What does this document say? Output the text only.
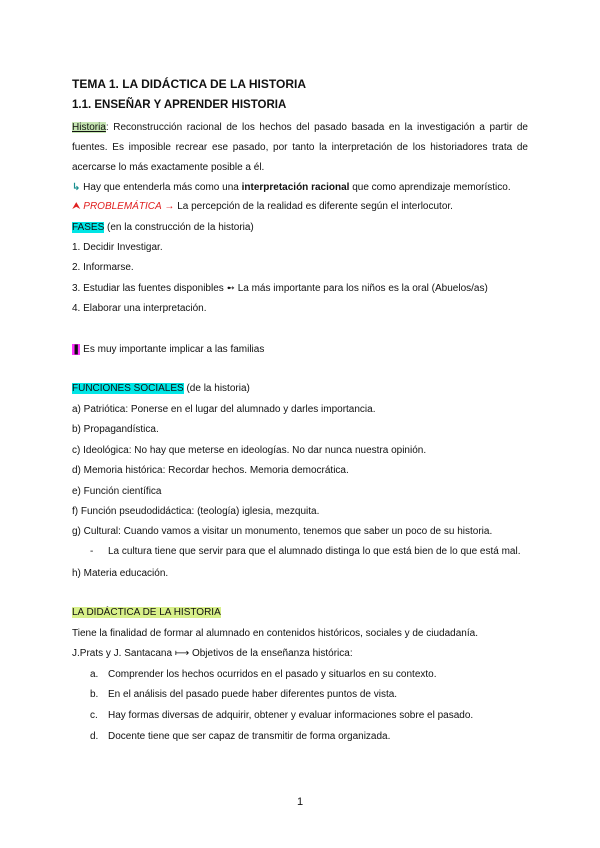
TEMA 1. LA DIDÁCTICA DE LA HISTORIA
1.1. ENSEÑAR Y APRENDER HISTORIA
Historia: Reconstrucción racional de los hechos del pasado basada en la investigación a partir de
fuentes. Es imposible recrear ese pasado, por tanto la interpretación de los historiadores trata de
acercarse lo más exactamente posible a él.
↳ Hay que entenderla más como una interpretación racional que como aprendizaje memorístico.
⮝ PROBLEMÁTICA → La percepción de la realidad es diferente según el interlocutor.
FASES (en la construcción de la historia)
1. Decidir Investigar.
2. Informarse.
3. Estudiar las fuentes disponibles ➻ La más importante para los niños es la oral (Abuelos/as)
4. Elaborar una interpretación.
❚ Es muy importante implicar a las familias
FUNCIONES SOCIALES (de la historia)
a) Patriótica: Ponerse en el lugar del alumnado y darles importancia.
b) Propagandística.
c) Ideológica: No hay que meterse en ideologías. No dar nunca nuestra opinión.
d) Memoria histórica: Recordar hechos. Memoria democrática.
e) Función científica
f) Función pseudodidáctica: (teología) iglesia, mezquita.
g) Cultural: Cuando vamos a visitar un monumento, tenemos que saber un poco de su historia.
- La cultura tiene que servir para que el alumnado distinga lo que está bien de lo que está mal.
h) Materia educación.
LA DIDÁCTICA DE LA HISTORIA
Tiene la finalidad de formar al alumnado en contenidos históricos, sociales y de ciudadanía.
J.Prats y J. Santacana ⟼ Objetivos de la enseñanza histórica:
a. Comprender los hechos ocurridos en el pasado y situarlos en su contexto.
b. En el análisis del pasado puede haber diferentes puntos de vista.
c. Hay formas diversas de adquirir, obtener y evaluar informaciones sobre el pasado.
d. Docente tiene que ser capaz de transmitir de forma organizada.
1
